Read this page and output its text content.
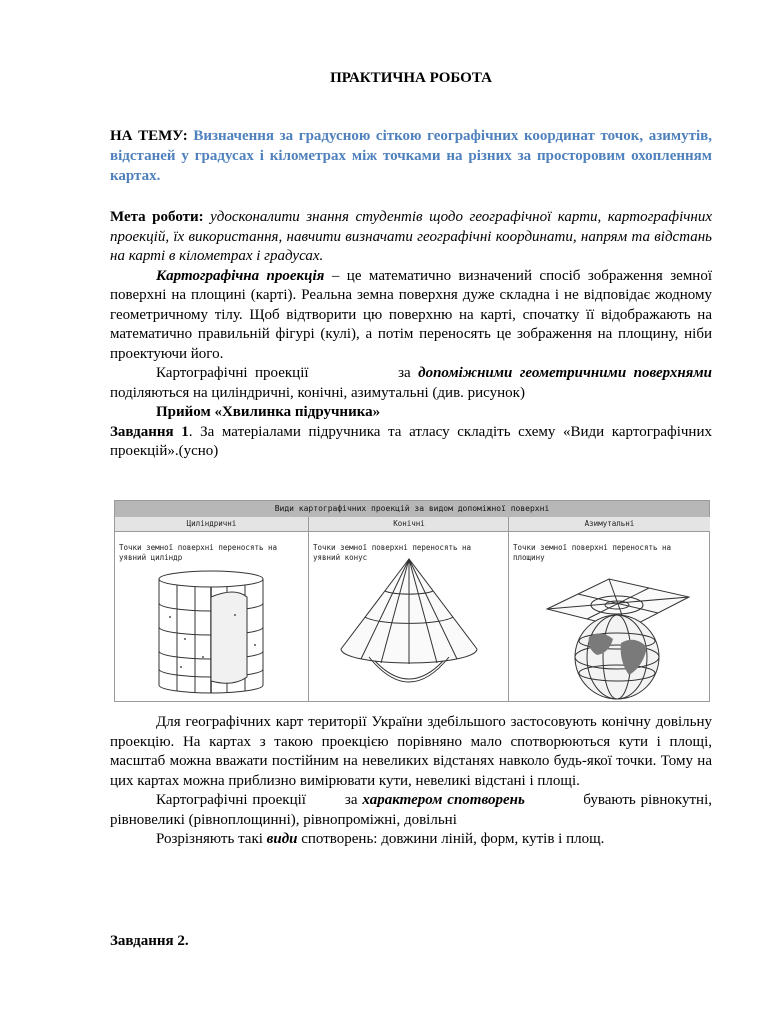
ПРАКТИЧНА РОБОТА
НА ТЕМУ: Визначення за градусною сіткою географічних координат точок, азимутів, відстаней у градусах і кілометрах між точками на різних за просторовим охопленням картах.

Мета роботи: удосконалити знання студентів щодо географічної карти, картографічних проекцій, їх використання, навчити визначати географічні координати, напрям та відстань на карті в кілометрах і градусах.

Картографічна проекція – це математично визначений спосіб зображення земної поверхні на площині (карті). Реальна земна поверхня дуже складна і не відповідає жодному геометричному тілу. Щоб відтворити цю поверхню на карті, спочатку її відображають на математично правильній фігурі (кулі), а потім переносять це зображення на площину, ніби проектуючи його.

Картографічні проекції	за допоміжними геометричними поверхнями поділяються на циліндричні, конічні, азимутальні (див. рисунок)

Прийом «Хвилинка підручника»

Завдання 1. За матеріалами підручника та атласу складіть схему «Види картографічних проекцій».(усно)

Для географічних карт території України здебільшого застосовують конічну довільну проекцію. На картах з такою проекцією порівняно мало спотворюються кути і площі, масштаб можна вважати постійним на невеликих відстанях навколо будь-якої точки. Тому на цих картах можна приблизно вимірювати кути, невеликі відстані і площі.

Картографічні проекції	за характером спотворень	бувають рівнокутні, рівновеликі (рівноплощинні), рівнопроміжні, довільні

Розрізняють такі види спотворень: довжини ліній, форм, кутів і площ.

Завдання 2.
Види картографічних проекцій за видом допоміжної поверхні
Циліндричні
Точки земної поверхні переносять на уявний циліндр
Конічні
Точки земної поверхні переносять на уявний конус
Азимутальні
Точки земної поверхні переносять на площину
